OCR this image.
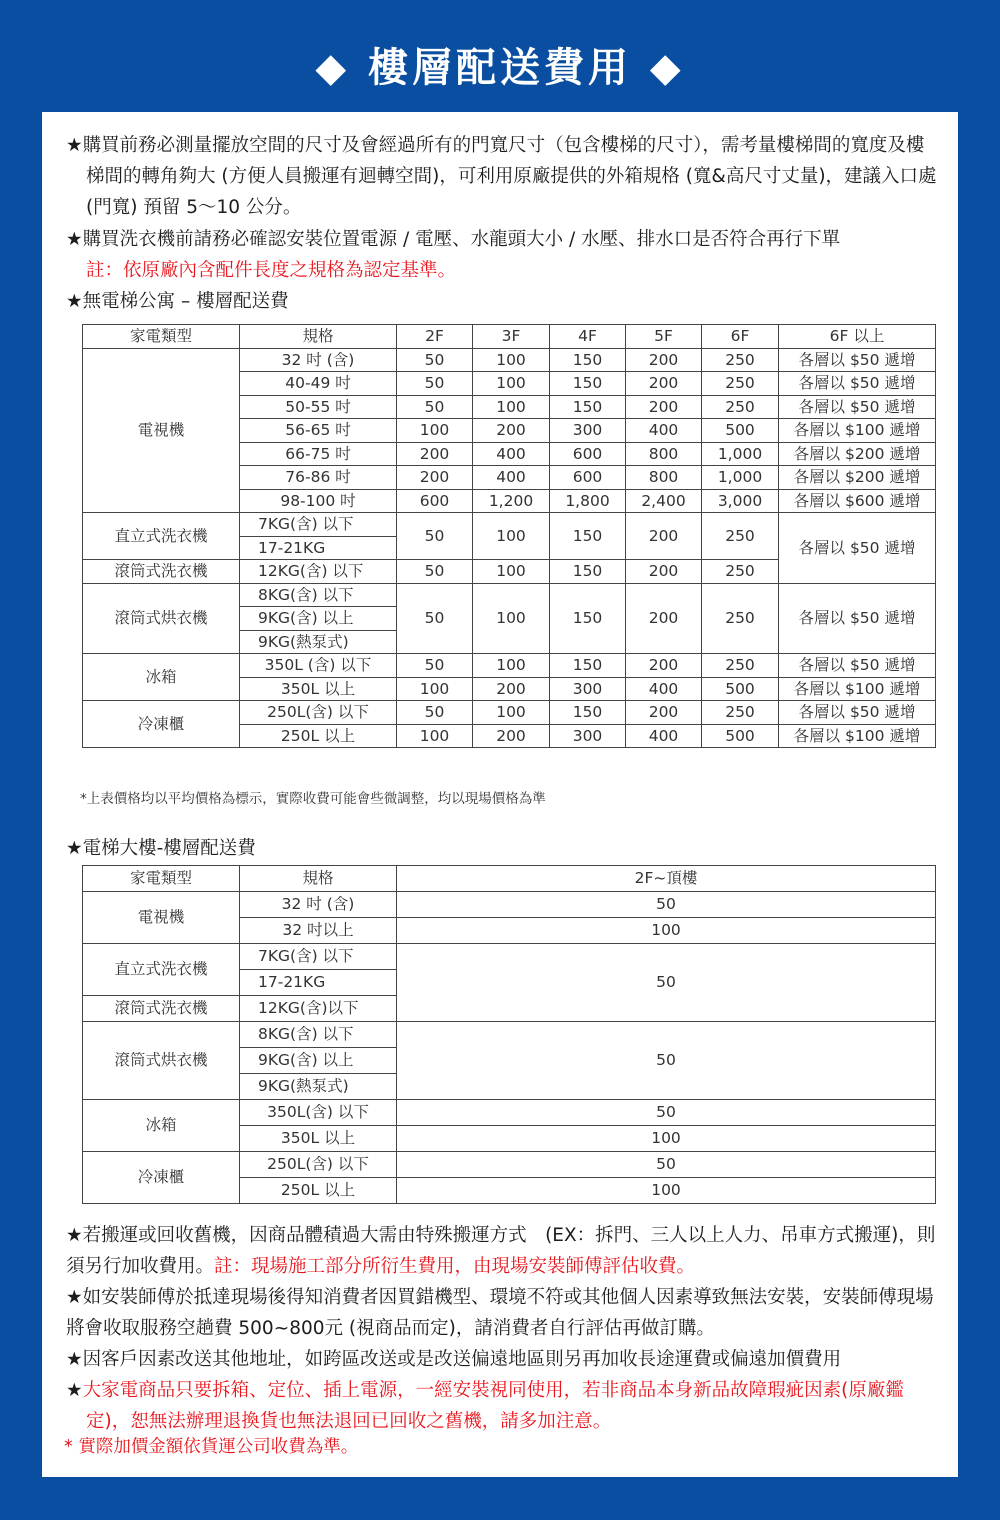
◆ 樓層配送費用 ◆
★購買前務必測量擺放空間的尺寸及會經過所有的門寬尺寸（包含樓梯的尺寸），需考量樓梯間的寬度及樓梯間的轉角夠大 (方便人員搬運有迴轉空間)，可利用原廠提供的外箱規格 (寬&高尺寸丈量)，建議入口處 (門寬) 預留 5～10 公分。
★購買洗衣機前請務必確認安裝位置電源 / 電壓、水龍頭大小 / 水壓、排水口是否符合再行下單
註：依原廠內含配件長度之規格為認定基準。
★無電梯公寓 – 樓層配送費
家電類型	規格	2F	3F	4F	5F	6F	6F 以上
電視機	32 吋 (含)	50	100	150	200	250	各層以 $50 遞增
	40-49 吋	50	100	150	200	250	各層以 $50 遞增
	50-55 吋	50	100	150	200	250	各層以 $50 遞增
	56-65 吋	100	200	300	400	500	各層以 $100 遞增
	66-75 吋	200	400	600	800	1,000	各層以 $200 遞增
	76-86 吋	200	400	600	800	1,000	各層以 $200 遞增
	98-100 吋	600	1,200	1,800	2,400	3,000	各層以 $600 遞增
直立式洗衣機	7KG(含) 以下	50	100	150	200	250	各層以 $50 遞增
	17-21KG						
滾筒式洗衣機	12KG(含) 以下	50	100	150	200	250	
滾筒式烘衣機	8KG(含) 以下	50	100	150	200	250	各層以 $50 遞增
	9KG(含) 以上						
	9KG(熱泵式)						
冰箱	350L (含) 以下	50	100	150	200	250	各層以 $50 遞增
	350L 以上	100	200	300	400	500	各層以 $100 遞增
冷凍櫃	250L(含) 以下	50	100	150	200	250	各層以 $50 遞增
	250L 以上	100	200	300	400	500	各層以 $100 遞增
*上表價格均以平均價格為標示，實際收費可能會些微調整，均以現場價格為準
★電梯大樓-樓層配送費
家電類型	規格	2F~頂樓
電視機	32 吋 (含)	50
	32 吋以上	100
直立式洗衣機	7KG(含) 以下	50
	17-21KG	
滾筒式洗衣機	12KG(含)以下	
滾筒式烘衣機	8KG(含) 以下	50
	9KG(含) 以上	
	9KG(熱泵式)	
冰箱	350L(含) 以下	50
	350L 以上	100
冷凍櫃	250L(含) 以下	50
	250L 以上	100
★若搬運或回收舊機，因商品體積過大需由特殊搬運方式　(EX：拆門、三人以上人力、吊車方式搬運)，則須另行加收費用。註：現場施工部分所衍生費用，由現場安裝師傅評估收費。
★如安裝師傅於抵達現場後得知消費者因買錯機型、環境不符或其他個人因素導致無法安裝，安裝師傅現場將會收取服務空趟費 500~800元 (視商品而定)，請消費者自行評估再做訂購。
★因客戶因素改送其他地址，如跨區改送或是改送偏遠地區則另再加收長途運費或偏遠加價費用
★大家電商品只要拆箱、定位、插上電源，一經安裝視同使用，若非商品本身新品故障瑕疵因素(原廠鑑定)，恕無法辦理退換貨也無法退回已回收之舊機，請多加注意。
* 實際加價金額依貨運公司收費為準。
